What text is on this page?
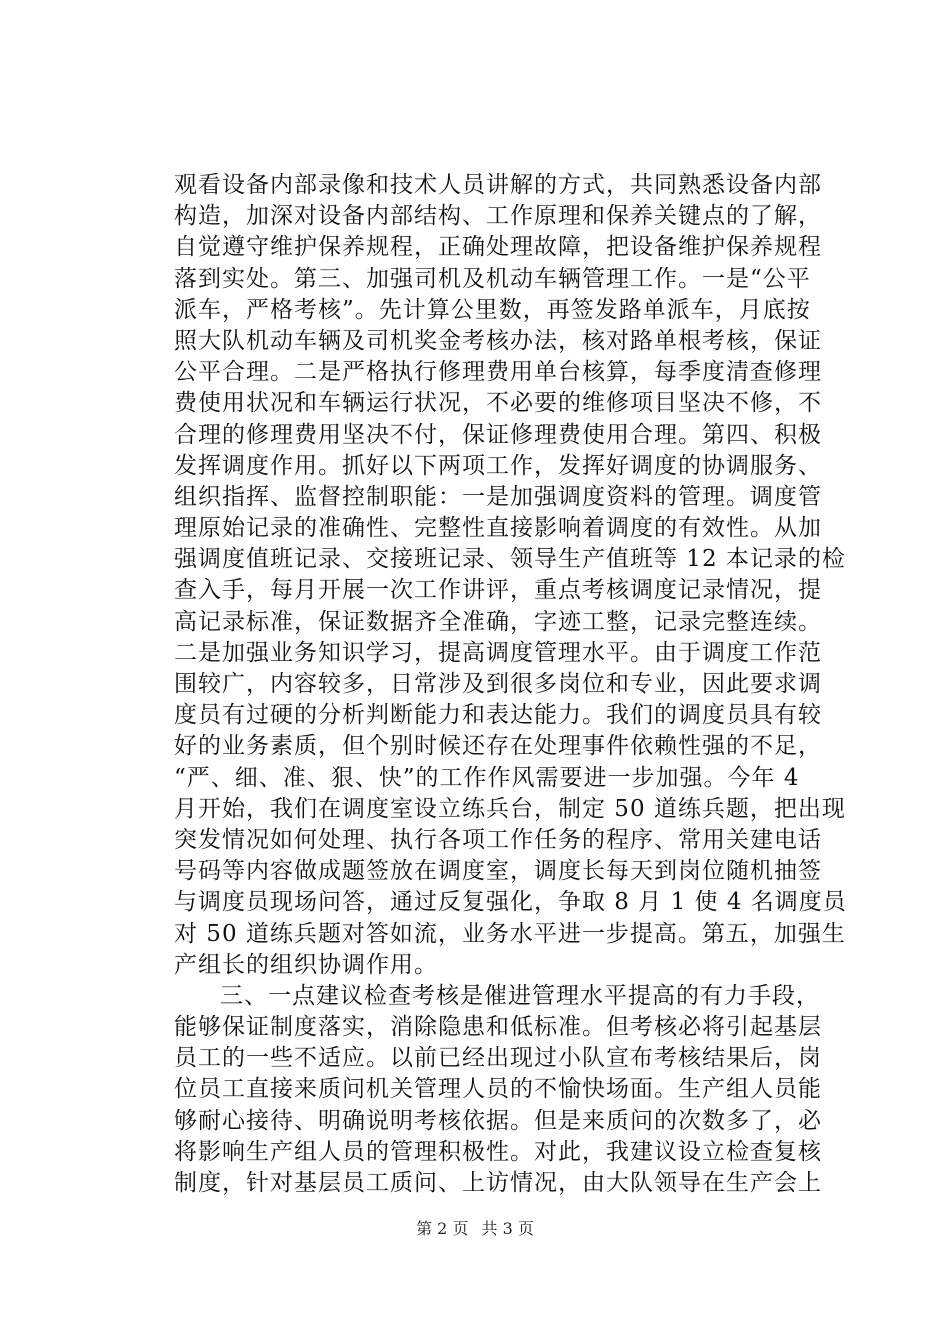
观看设备内部录像和技术人员讲解的方式，共同熟悉设备内部
构造，加深对设备内部结构、工作原理和保养关键点的了解，
自觉遵守维护保养规程，正确处理故障，把设备维护保养规程
落到实处。第三、加强司机及机动车辆管理工作。一是“公平
派车，严格考核”。先计算公里数，再签发路单派车，月底按
照大队机动车辆及司机奖金考核办法，核对路单根考核，保证
公平合理。二是严格执行修理费用单台核算，每季度清查修理
费使用状况和车辆运行状况，不必要的维修项目坚决不修，不
合理的修理费用坚决不付，保证修理费使用合理。第四、积极
发挥调度作用。抓好以下两项工作，发挥好调度的协调服务、
组织指挥、监督控制职能：一是加强调度资料的管理。调度管
理原始记录的准确性、完整性直接影响着调度的有效性。从加
强调度值班记录、交接班记录、领导生产值班等 12 本记录的检
查入手，每月开展一次工作讲评，重点考核调度记录情况，提
高记录标准，保证数据齐全准确，字迹工整，记录完整连续。
二是加强业务知识学习，提高调度管理水平。由于调度工作范
围较广，内容较多，日常涉及到很多岗位和专业，因此要求调
度员有过硬的分析判断能力和表达能力。我们的调度员具有较
好的业务素质，但个别时候还存在处理事件依赖性强的不足，
“严、细、准、狠、快”的工作作风需要进一步加强。今年 4
月开始，我们在调度室设立练兵台，制定 50 道练兵题，把出现
突发情况如何处理、执行各项工作任务的程序、常用关建电话
号码等内容做成题签放在调度室，调度长每天到岗位随机抽签
与调度员现场问答，通过反复强化，争取 8 月 1 使 4 名调度员
对 50 道练兵题对答如流，业务水平进一步提高。第五，加强生
产组长的组织协调作用。
三、一点建议检查考核是催进管理水平提高的有力手段，
能够保证制度落实，消除隐患和低标准。但考核必将引起基层
员工的一些不适应。以前已经出现过小队宣布考核结果后，岗
位员工直接来质问机关管理人员的不愉快场面。生产组人员能
够耐心接待、明确说明考核依据。但是来质问的次数多了，必
将影响生产组人员的管理积极性。对此，我建议设立检查复核
制度，针对基层员工质问、上访情况，由大队领导在生产会上
第 2 页 共 3 页
